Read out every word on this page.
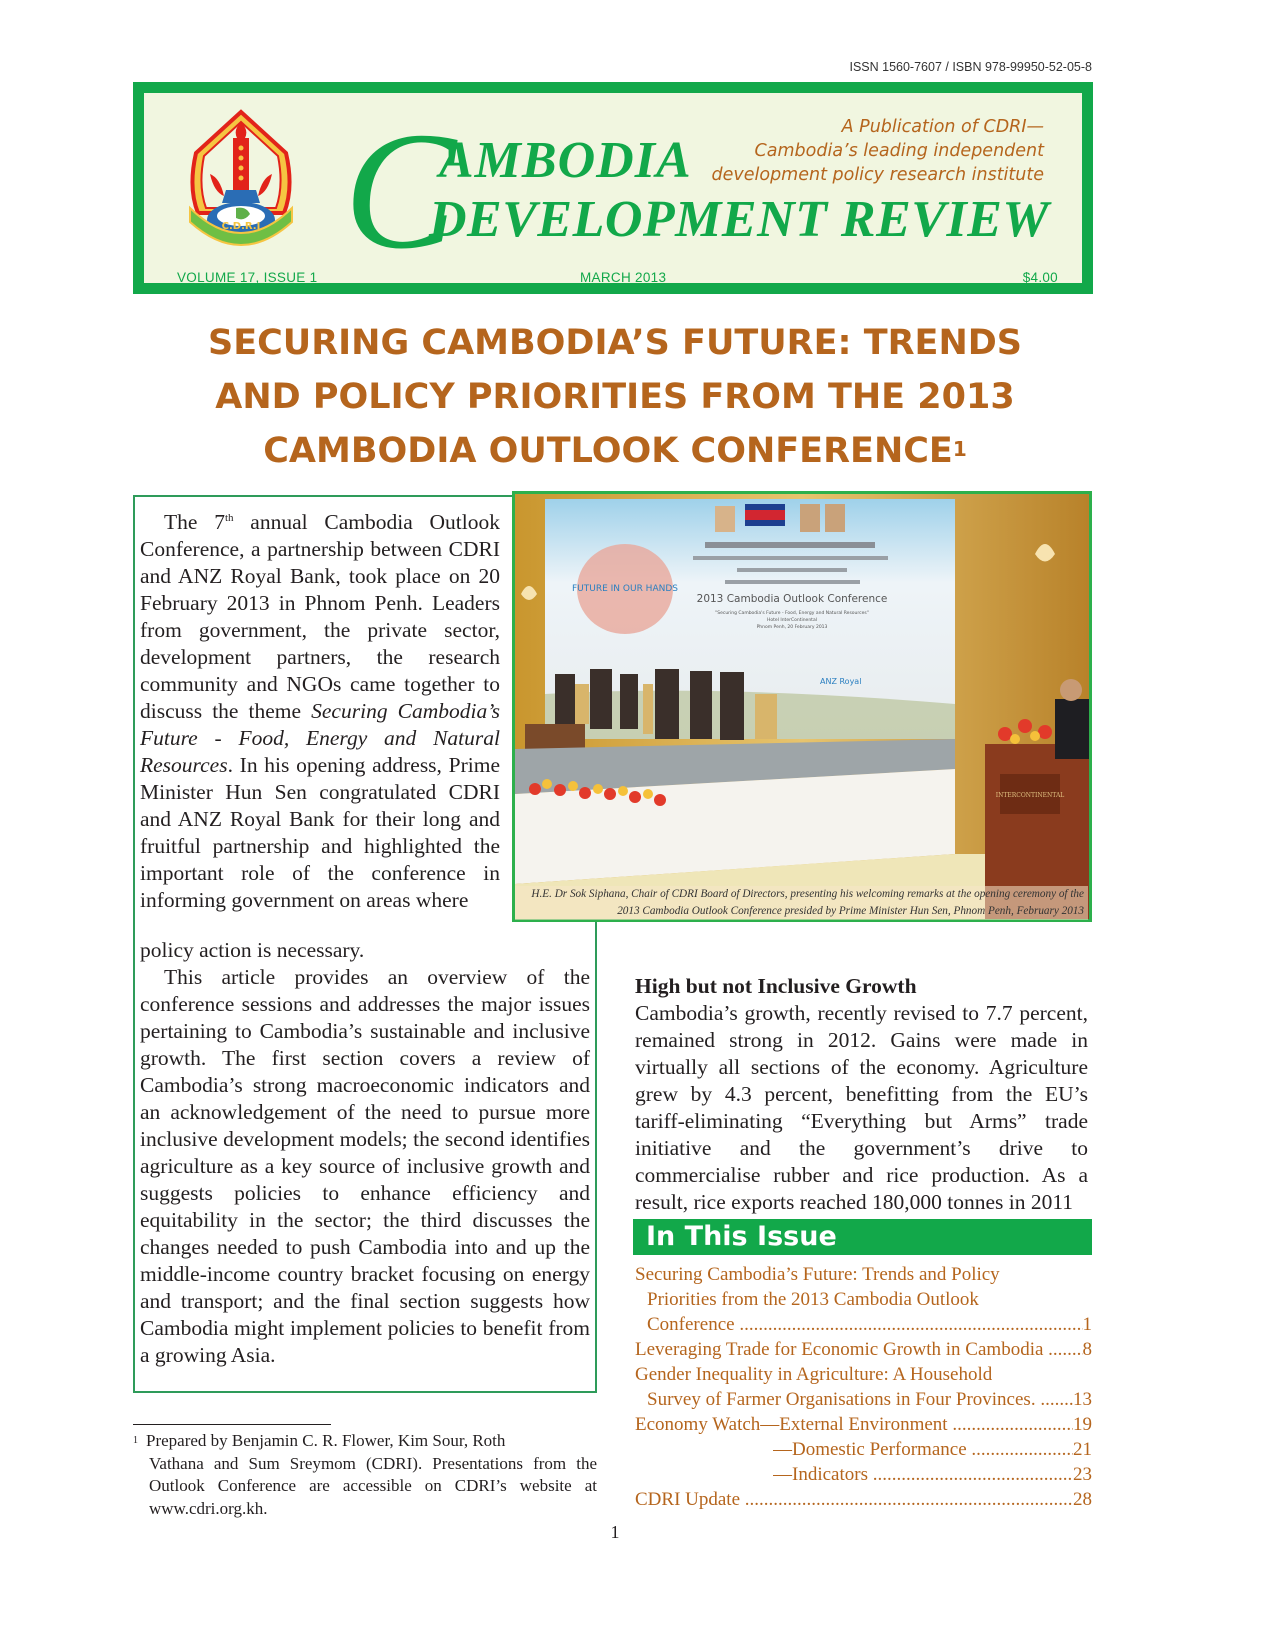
ISSN 1560-7607 / ISBN 978-99950-52-05-8
C.D.R.I C
AMBODIA
DEVELOPMENT REVIEW
A Publication of CDRI—
Cambodia’s leading independent
development policy research institute
VOLUME 17, ISSUE 1	MARCH 2013	$4.00
SECURING CAMBODIA’S FUTURE: TRENDS
AND POLICY PRIORITIES FROM THE 2013
CAMBODIA OUTLOOK CONFERENCE$^1$
The 7th annual Cambodia Outlook Conference, a partnership between CDRI and ANZ Royal Bank, took place on 20 February 2013 in Phnom Penh. Leaders from government, the private sector, development partners, the research community and NGOs came together to discuss the theme Securing Cambodia’s Future - Food, Energy and Natural Resources. In his opening address, Prime Minister Hun Sen congratulated CDRI and ANZ Royal Bank for their long and fruitful partnership and highlighted the important role of the conference in informing government on areas where
policy action is necessary.
This article provides an overview of the conference sessions and addresses the major issues pertaining to Cambodia’s sustainable and inclusive growth. The first section covers a review of Cambodia’s strong macroeconomic indicators and an acknowledgement of the need to pursue more inclusive development models; the second identifies agriculture as a key source of inclusive growth and suggests policies to enhance efficiency and equitability in the sector; the third discusses the changes needed to push Cambodia into and up the middle-income country bracket focusing on energy and transport; and the final section suggests how Cambodia might implement policies to benefit from a growing Asia.
2013 Cambodia Outlook Conference
"Securing Cambodia's Future - Food, Energy and Natural Resources"
Hotel InterContinental
Phnom Penh, 20 February 2013
FUTURE IN OUR HANDS
ANZ Royal
INTERCONTINENTAL
H.E. Dr Sok Siphana, Chair of CDRI Board of Directors, presenting his welcoming remarks at the opening ceremony of the
2013 Cambodia Outlook Conference presided by Prime Minister Hun Sen, Phnom Penh, February 2013
High but not Inclusive Growth
Cambodia’s growth, recently revised to 7.7 percent, remained strong in 2012. Gains were made in virtually all sections of the economy. Agriculture grew by 4.3 percent, benefitting from the EU’s tariff-eliminating “Everything but Arms” trade initiative and the government’s drive to commercialise rubber and rice production. As a result, rice exports reached 180,000 tonnes in 2011
In This Issue
Securing Cambodia’s Future: Trends and Policy
Priorities from the 2013 Cambodia Outlook
Conference .....	1
Leveraging Trade for Economic Growth in Cambodia .....	8
Gender Inequality in Agriculture: A Household
Survey of Farmer Organisations in Four Provinces. .....	13
Economy Watch—External Environment .....	19
—Domestic Performance .....	21
—Indicators .....	23
CDRI Update .....	28
$^1$ Prepared by Benjamin C. R. Flower, Kim Sour, Roth
Vathana and Sum Sreymom (CDRI). Presentations from the Outlook Conference are accessible on CDRI’s website at www.cdri.org.kh.
1
